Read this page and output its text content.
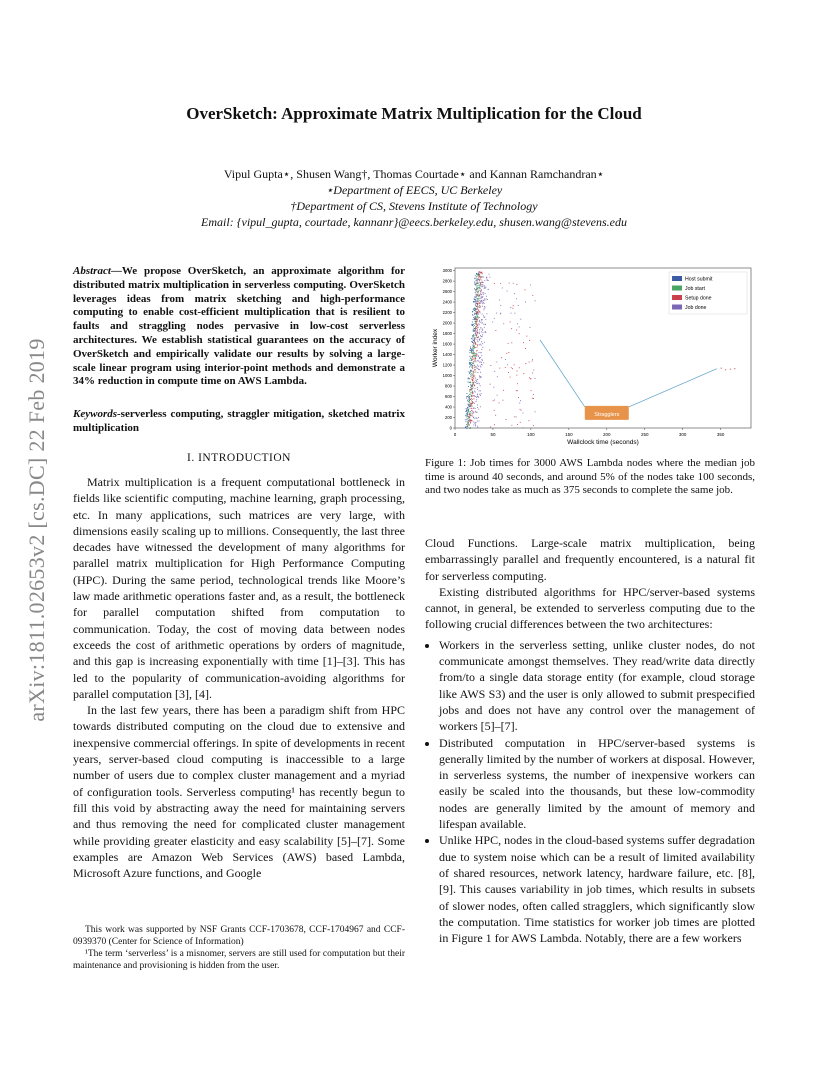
arXiv:1811.02653v2 [cs.DC] 22 Feb 2019
OverSketch: Approximate Matrix Multiplication for the Cloud
Vipul Gupta⋆, Shusen Wang†, Thomas Courtade⋆ and Kannan Ramchandran⋆
⋆Department of EECS, UC Berkeley
†Department of CS, Stevens Institute of Technology
Email: {vipul_gupta, courtade, kannanr}@eecs.berkeley.edu, shusen.wang@stevens.edu
Abstract—We propose OverSketch, an approximate algorithm for distributed matrix multiplication in serverless computing. OverSketch leverages ideas from matrix sketching and high-performance computing to enable cost-efficient multiplication that is resilient to faults and straggling nodes pervasive in low-cost serverless architectures. We establish statistical guarantees on the accuracy of OverSketch and empirically validate our results by solving a large-scale linear program using interior-point methods and demonstrate a 34% reduction in compute time on AWS Lambda.
Keywords-serverless computing, straggler mitigation, sketched matrix multiplication
I. INTRODUCTION

Matrix multiplication is a frequent computational bottleneck in fields like scientific computing, machine learning, graph processing, etc. In many applications, such matrices are very large, with dimensions easily scaling up to millions. Consequently, the last three decades have witnessed the development of many algorithms for parallel matrix multiplication for High Performance Computing (HPC). During the same period, technological trends like Moore’s law made arithmetic operations faster and, as a result, the bottleneck for parallel computation shifted from computation to communication. Today, the cost of moving data between nodes exceeds the cost of arithmetic operations by orders of magnitude, and this gap is increasing exponentially with time [1]–[3]. This has led to the popularity of communication-avoiding algorithms for parallel computation [3], [4].

In the last few years, there has been a paradigm shift from HPC towards distributed computing on the cloud due to extensive and inexpensive commercial offerings. In spite of developments in recent years, server-based cloud computing is inaccessible to a large number of users due to complex cluster management and a myriad of configuration tools. Serverless computing¹ has recently begun to fill this void by abstracting away the need for maintaining servers and thus removing the need for complicated cluster management while providing greater elasticity and easy scalability [5]–[7]. Some examples are Amazon Web Services (AWS) based Lambda, Microsoft Azure functions, and Google

This work was supported by NSF Grants CCF-1703678, CCF-1704967 and CCF-0939370 (Center for Science of Information)

¹The term ‘serverless’ is a misnomer, servers are still used for computation but their maintenance and provisioning is hidden from the user.

0	50	100	150	200	250	300	350
0
200
400
600
800
1000
1200
1400
1600
1800
2000
2200
2400
2600
2800
3000
Wallclock time (seconds)
Worker index
Stragglers
Host submit
Job start
Setup done
Job done
Figure 1: Job times for 3000 AWS Lambda nodes where the median job time is around 40 seconds, and around 5% of the nodes take 100 seconds, and two nodes take as much as 375 seconds to complete the same job.

Cloud Functions. Large-scale matrix multiplication, being embarrassingly parallel and frequently encountered, is a natural fit for serverless computing.

Existing distributed algorithms for HPC/server-based systems cannot, in general, be extended to serverless computing due to the following crucial differences between the two architectures:

• Workers in the serverless setting, unlike cluster nodes, do not communicate amongst themselves. They read/write data directly from/to a single data storage entity (for example, cloud storage like AWS S3) and the user is only allowed to submit prespecified jobs and does not have any control over the management of workers [5]–[7].
• Distributed computation in HPC/server-based systems is generally limited by the number of workers at disposal. However, in serverless systems, the number of inexpensive workers can easily be scaled into the thousands, but these low-commodity nodes are generally limited by the amount of memory and lifespan available.
• Unlike HPC, nodes in the cloud-based systems suffer degradation due to system noise which can be a result of limited availability of shared resources, network latency, hardware failure, etc. [8], [9]. This causes variability in job times, which results in subsets of slower nodes, often called stragglers, which significantly slow the computation. Time statistics for worker job times are plotted in Figure 1 for AWS Lambda. Notably, there are a few workers
